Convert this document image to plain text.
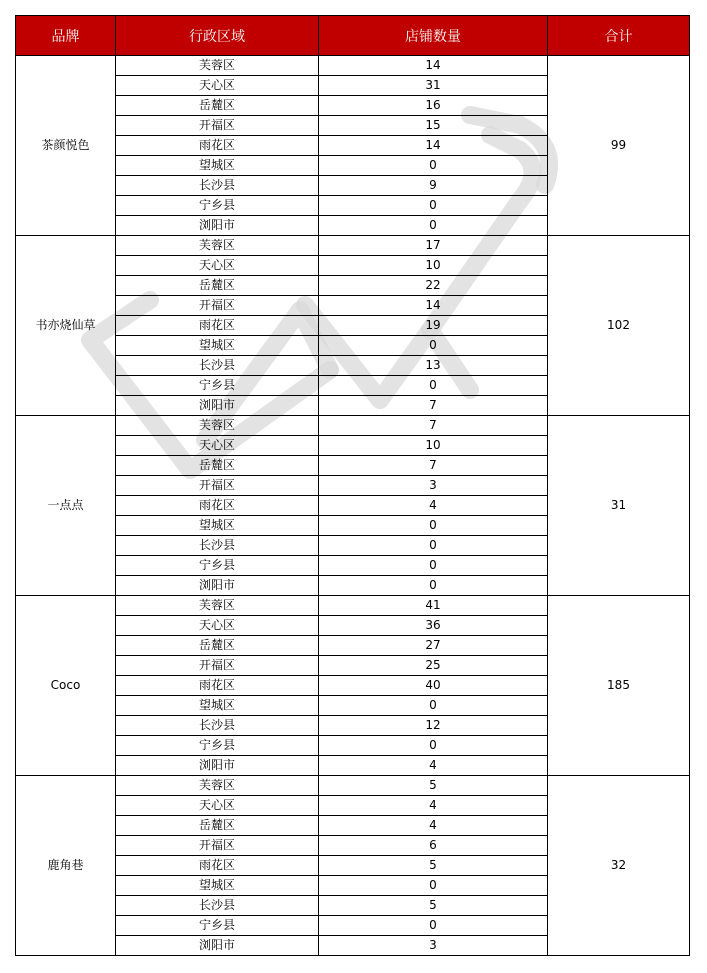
品牌	行政区域	店铺数量	合计
茶颜悦色	芙蓉区	14	99
	天心区	31	
	岳麓区	16	
	开福区	15	
	雨花区	14	
	望城区	0	
	长沙县	9	
	宁乡县	0	
	浏阳市	0	
书亦烧仙草	芙蓉区	17	102
	天心区	10	
	岳麓区	22	
	开福区	14	
	雨花区	19	
	望城区	0	
	长沙县	13	
	宁乡县	0	
	浏阳市	7	
一点点	芙蓉区	7	31
	天心区	10	
	岳麓区	7	
	开福区	3	
	雨花区	4	
	望城区	0	
	长沙县	0	
	宁乡县	0	
	浏阳市	0	
Coco	芙蓉区	41	185
	天心区	36	
	岳麓区	27	
	开福区	25	
	雨花区	40	
	望城区	0	
	长沙县	12	
	宁乡县	0	
	浏阳市	4	
鹿角巷	芙蓉区	5	32
	天心区	4	
	岳麓区	4	
	开福区	6	
	雨花区	5	
	望城区	0	
	长沙县	5	
	宁乡县	0	
	浏阳市	3	
